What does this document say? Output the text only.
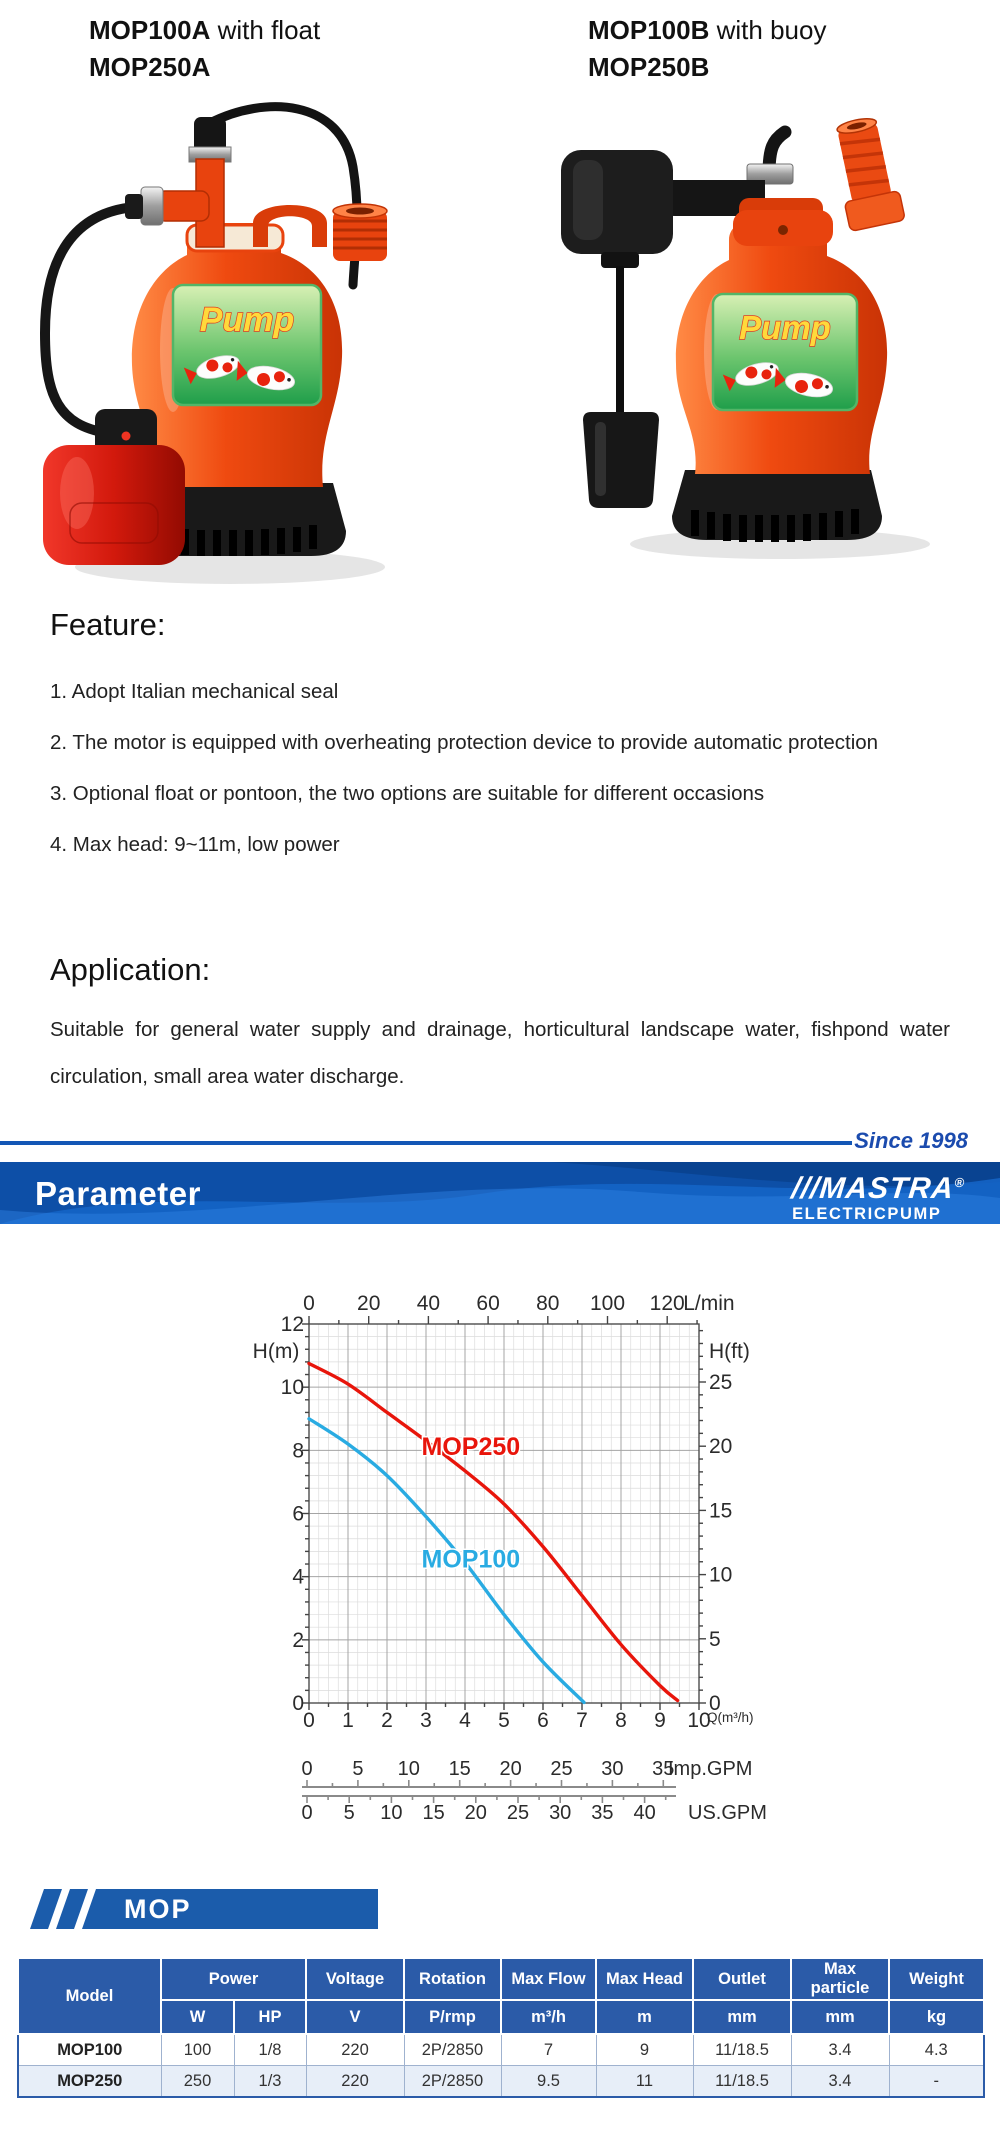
MOP100A with float
MOP250A
MOP100B with buoy
MOP250B
Pump	Pump
Feature:

1. Adopt Italian mechanical seal

2. The motor is equipped with overheating protection device to provide automatic protection

3. Optional float or pontoon, the two options are suitable for different occasions

4. Max head: 9~11m, low power

Application:

Suitable for general water supply and drainage, horticultural landscape water, fishpond water circulation, small area water discharge.

Since 1998
Parameter	///MASTRA®
ELECTRICPUMP
0 20 40 60 80 100 120
L/min
12
10
8
6
4
2
0
H(m)
0
5
10
15
20
25
H(ft)
0 1 2 3 4 5 6 7 8 9 10
Q(m³/h)
MOP250
MOP100
0 5 10 15 20 25 30 35
Imp.GPM
0 5 10 15 20 25 30 35 40 US.GPM
MOP
Model	Power		Voltage	Rotation	Max Flow	Max Head	Outlet	Max particle	Weight
	W	HP	V	P/rmp	m³/h	m	mm	mm	kg
MOP100	100	1/8	220	2P/2850	7	9	11/18.5	3.4	4.3
MOP250	250	1/3	220	2P/2850	9.5	11	11/18.5	3.4	-
